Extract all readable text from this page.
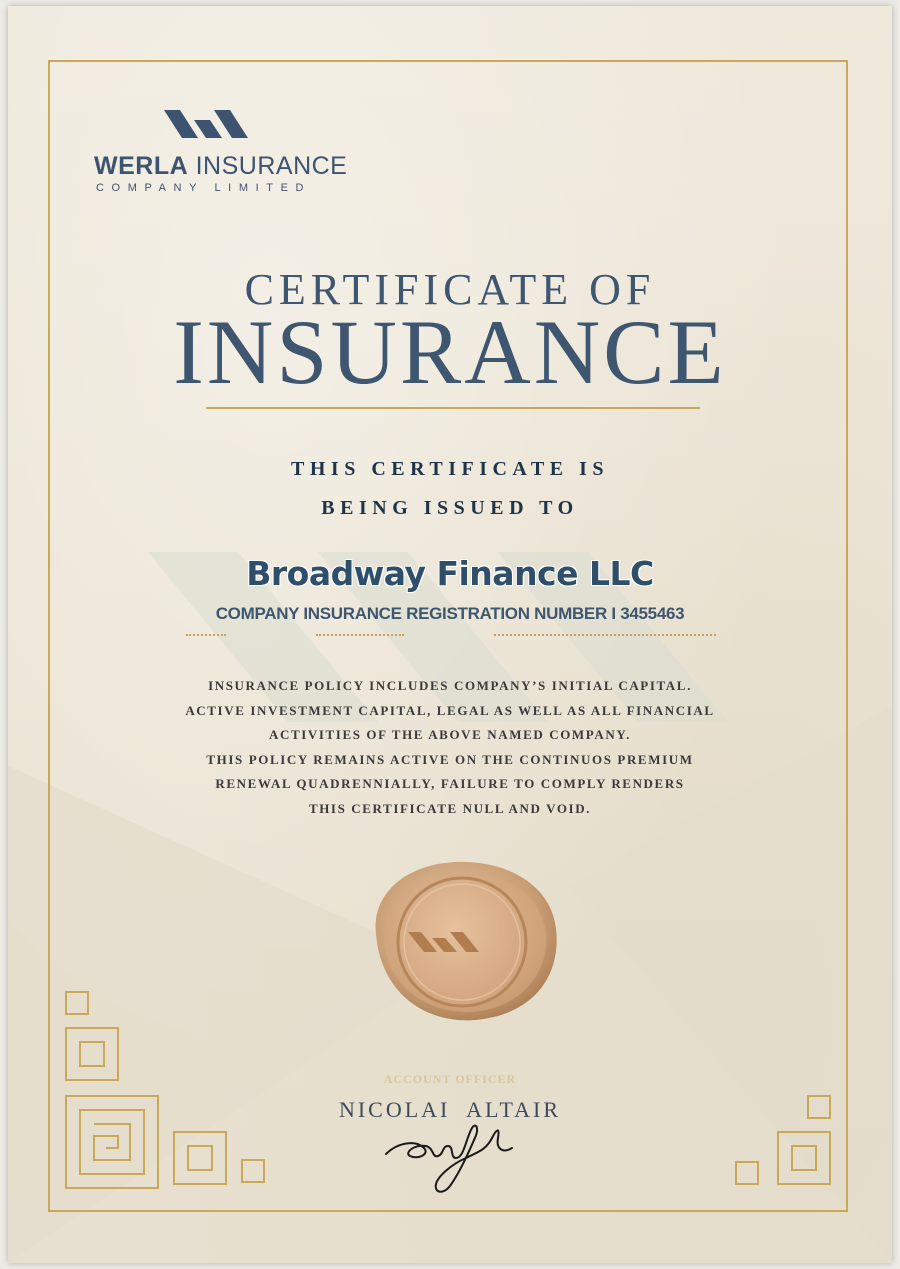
WERLA INSURANCE
COMPANY LIMITED
CERTIFICATE OF
INSURANCE
THIS CERTIFICATE IS
BEING ISSUED TO
Broadway Finance LLC
COMPANY INSURANCE REGISTRATION NUMBER I 3455463
INSURANCE POLICY INCLUDES COMPANY’S INITIAL CAPITAL.
ACTIVE INVESTMENT CAPITAL, LEGAL AS WELL AS ALL FINANCIAL
ACTIVITIES OF THE ABOVE NAMED COMPANY.
THIS POLICY REMAINS ACTIVE ON THE CONTINUOS PREMIUM
RENEWAL QUADRENNIALLY, FAILURE TO COMPLY RENDERS
THIS CERTIFICATE NULL AND VOID.
ACCOUNT OFFICER
NICOLAI  ALTAIR
